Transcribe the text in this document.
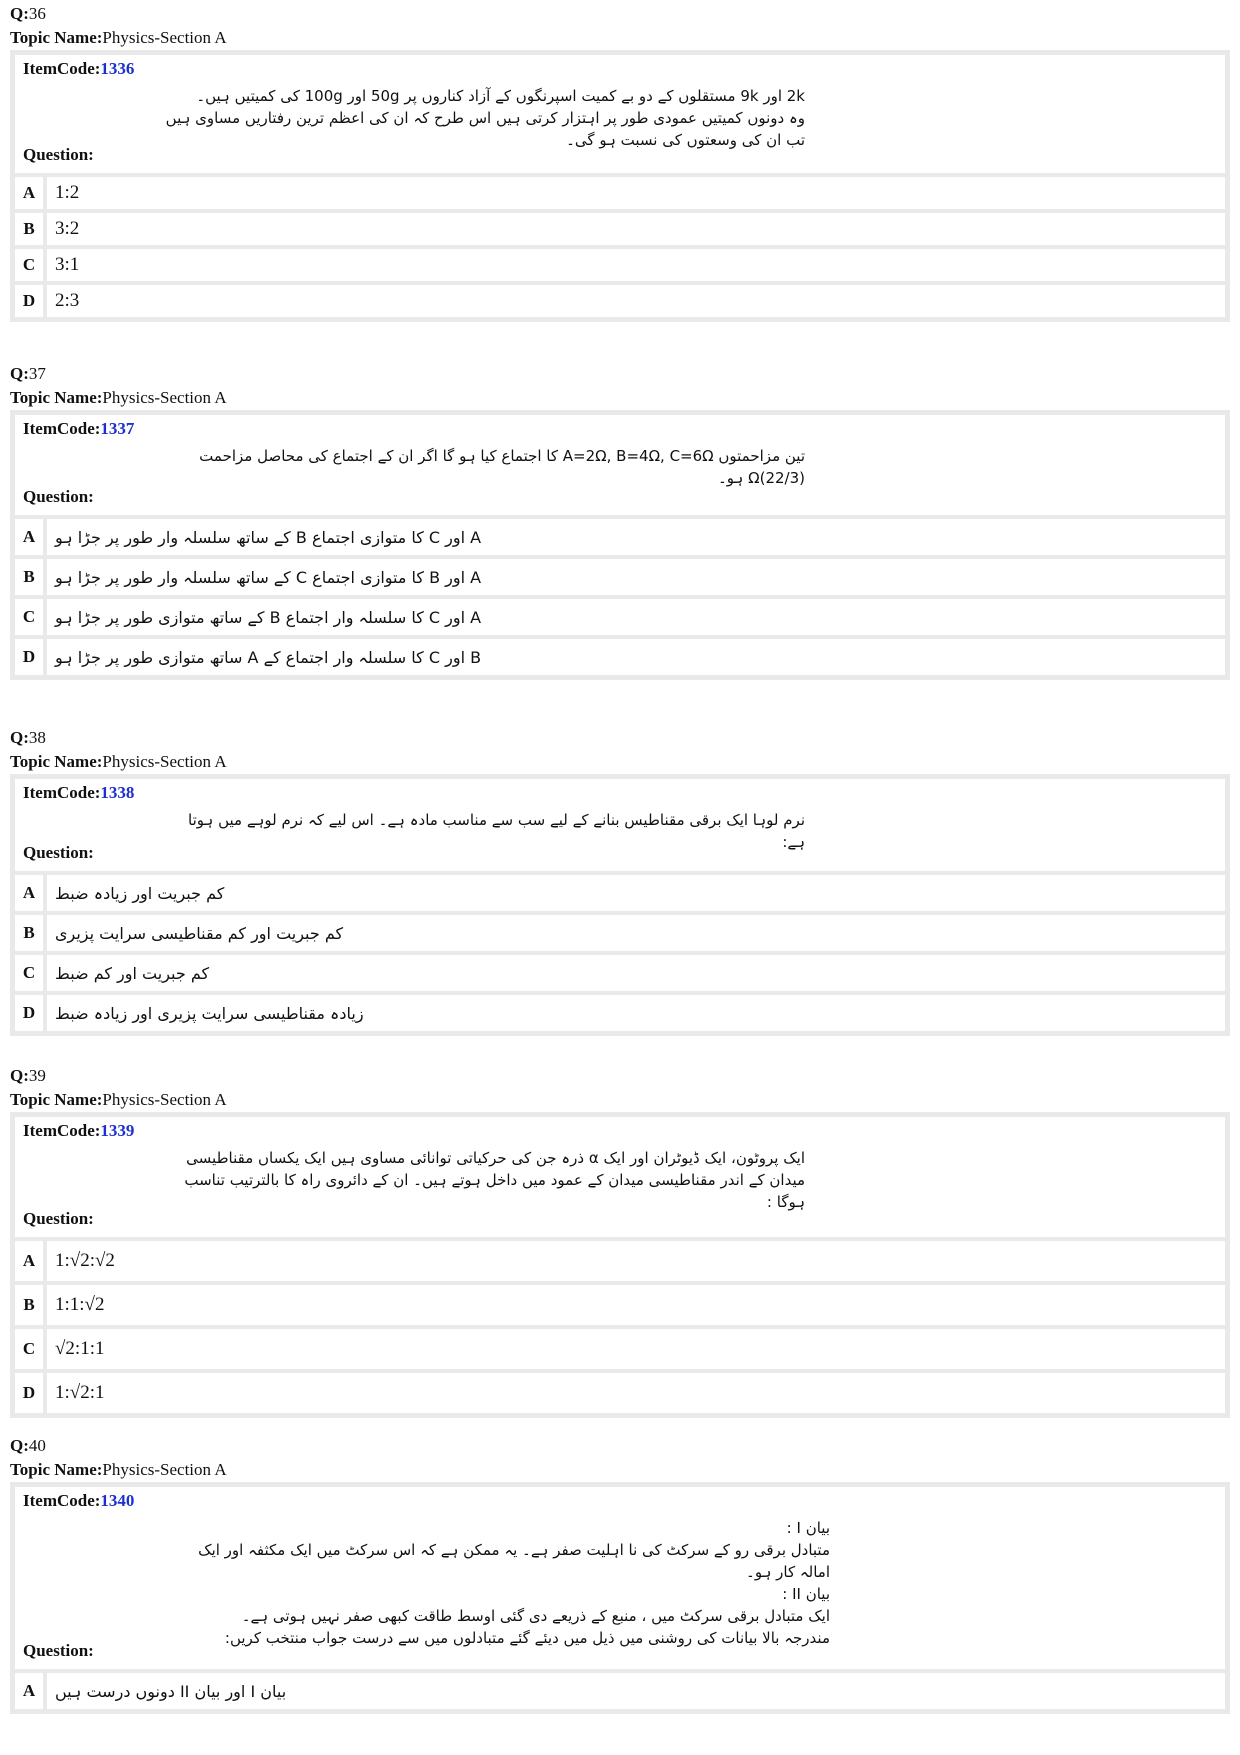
Q:36
Topic Name:Physics-Section A
ItemCode:1336
2k اور 9k مستقلوں کے دو بے کمیت اسپرنگوں کے آزاد کناروں پر 50g اور 100g کی کمیتیں ہیں۔
وہ دونوں کمیتیں عمودی طور پر اہتزار کرتی ہیں اس طرح کہ ان کی اعظم ترین رفتاریں مساوی ہیں
تب ان کی وسعتوں کی نسبت ہو گی۔
Question:
A	1:2
B	3:2
C	3:1
D	2:3
Q:37
Topic Name:Physics-Section A
ItemCode:1337
تین مزاحمتوں A=2Ω, B=4Ω, C=6Ω کا اجتماع کیا ہو گا اگر ان کے اجتماع کی محاصل مزاحمت
(22/3)Ω ہو۔
Question:
A	A اور C کا متوازی اجتماع B کے ساتھ سلسلہ وار طور پر جڑا ہو
B	A اور B کا متوازی اجتماع C کے ساتھ سلسلہ وار طور پر جڑا ہو
C	A اور C کا سلسلہ وار اجتماع B کے ساتھ متوازی طور پر جڑا ہو
D	B اور C کا سلسلہ وار اجتماع کے A ساتھ متوازی طور پر جڑا ہو
Q:38
Topic Name:Physics-Section A
ItemCode:1338
نرم لوہا ایک برقی مقناطیس بنانے کے لیے سب سے مناسب مادہ ہے۔ اس لیے کہ نرم لوہے میں ہوتا
ہے:
Question:
A	کم جبریت اور زیادہ ضبط
B	کم جبریت اور کم مقناطیسی سرایت پزیری
C	کم جبریت اور کم ضبط
D	زیادہ مقناطیسی سرایت پزیری اور زیادہ ضبط
Q:39
Topic Name:Physics-Section A
ItemCode:1339
ایک پروٹون، ایک ڈیوٹران اور ایک α ذرہ جن کی حرکیاتی توانائی مساوی ہیں ایک یکساں مقناطیسی
میدان کے اندر مقناطیسی میدان کے عمود میں داخل ہوتے ہیں۔ ان کے دائروی راہ کا بالترتیب تناسب
ہوگا :
Question:
A	1:√2:√2
B	1:1:√2
C	√2:1:1
D	1:√2:1
Q:40
Topic Name:Physics-Section A
ItemCode:1340
بیان I :
متبادل برقی رو کے سرکٹ کی نا اہلیت صفر ہے۔ یہ ممکن ہے کہ اس سرکٹ میں ایک مکثفہ اور ایک
امالہ کار ہو۔
بیان II :
ایک متبادل برقی سرکٹ میں ، منبع کے ذریعے دی گئی اوسط طاقت کبھی صفر نہیں ہوتی ہے۔
مندرجہ بالا بیانات کی روشنی میں ذیل میں دیئے گئے متبادلوں میں سے درست جواب منتخب کریں:
Question:
A	بیان I اور بیان II دونوں درست ہیں
